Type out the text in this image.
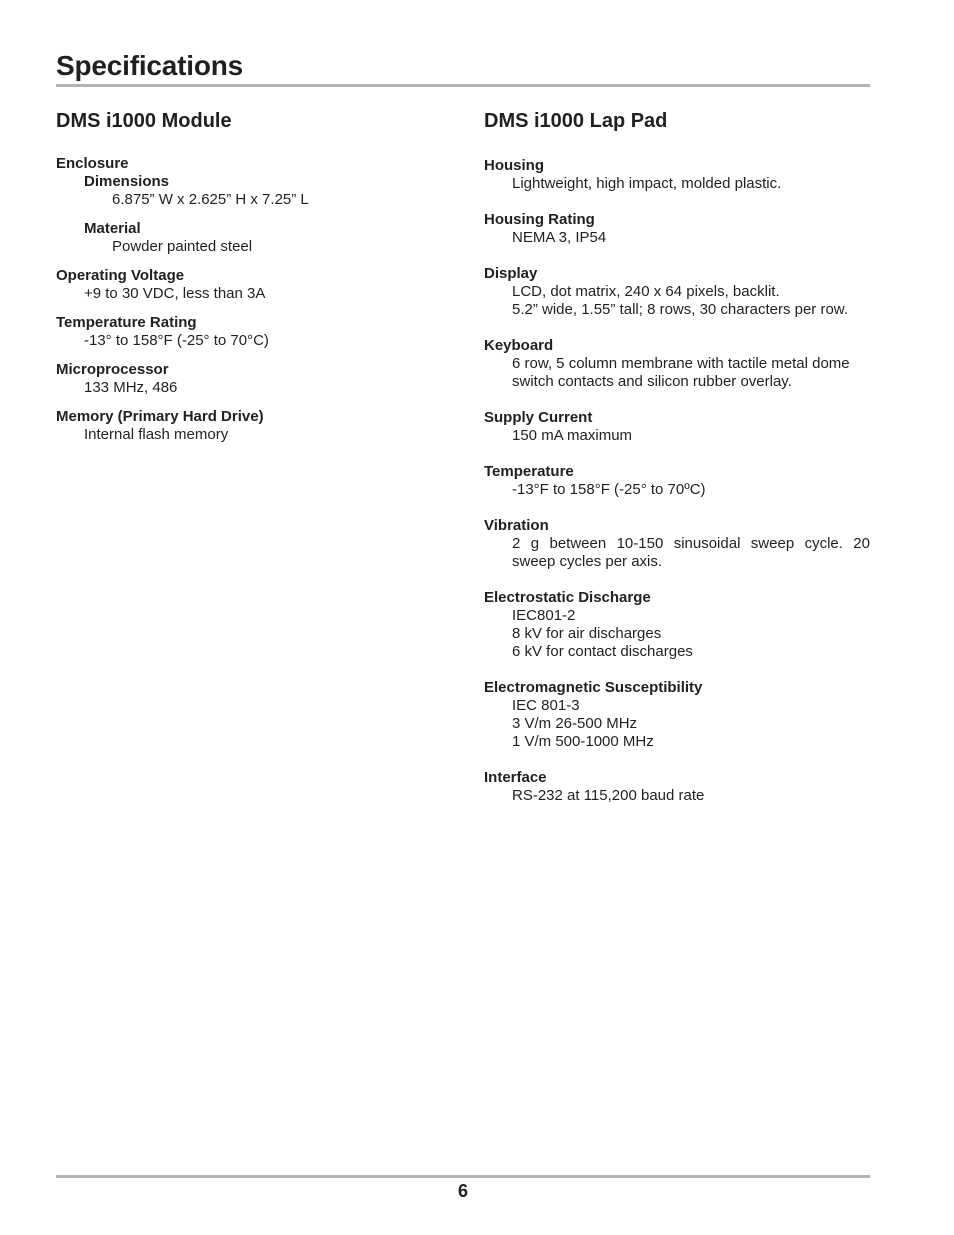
Specifications
DMS i1000 Module
Enclosure
Dimensions
6.875” W x 2.625” H x 7.25” L
Material
Powder painted steel
Operating Voltage
+9 to 30 VDC, less than 3A
Temperature Rating
-13° to 158°F (-25° to 70°C)
Microprocessor
133 MHz, 486
Memory (Primary Hard Drive)
Internal flash memory
DMS i1000 Lap Pad
Housing
Lightweight, high impact, molded plastic.
Housing Rating
NEMA 3, IP54
Display
LCD, dot matrix, 240 x 64 pixels, backlit.
5.2” wide, 1.55” tall; 8 rows, 30 characters per row.
Keyboard
6 row, 5 column membrane with tactile metal dome switch contacts and silicon rubber overlay.
Supply Current
150 mA maximum
Temperature
-13°F to 158°F (-25° to 70ºC)
Vibration
2 g between 10-150 sinusoidal sweep cycle. 20 sweep cycles per axis.
Electrostatic Discharge
IEC801-2
8 kV for air discharges
6 kV for contact discharges
Electromagnetic Susceptibility
IEC 801-3
3 V/m 26-500 MHz
1 V/m 500-1000 MHz
Interface
RS-232 at 115,200 baud rate
6
